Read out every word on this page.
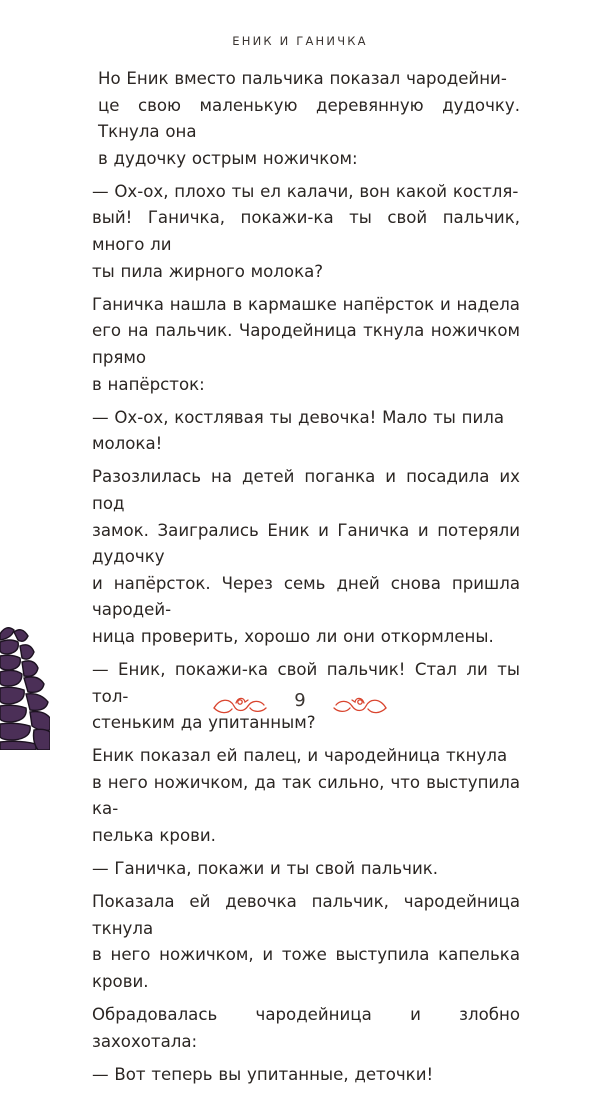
ЕНИК И ГАНИЧКА

Но Еник вместо пальчика показал чародейни-
це свою маленькую деревянную дудочку. Ткнула она
в дудочку острым ножичком:

— Ох-ох, плохо ты ел калачи, вон какой костля-
вый! Ганичка, покажи-ка ты свой пальчик, много ли
ты пила жирного молока?

Ганичка нашла в кармашке напёрсток и надела
его на пальчик. Чародейница ткнула ножичком прямо
в напёрсток:

— Ох-ох, костлявая ты девочка! Мало ты пила
молока!

Разозлилась на детей поганка и посадила их под
замок. Заигрались Еник и Ганичка и потеряли дудочку
и напёрсток. Через семь дней снова пришла чародей-
ница проверить, хорошо ли они откормлены.

— Еник, покажи-ка свой пальчик! Стал ли ты тол-
стеньким да упитанным?

Еник показал ей палец, и чародейница ткнула
в него ножичком, да так сильно, что выступила ка-
пелька крови.

— Ганичка, покажи и ты свой пальчик.

Показала ей девочка пальчик, чародейница ткнула
в него ножичком, и тоже выступила капелька крови.

Обрадовалась чародейница и злобно захохотала:

— Вот теперь вы упитанные, деточки!

9
